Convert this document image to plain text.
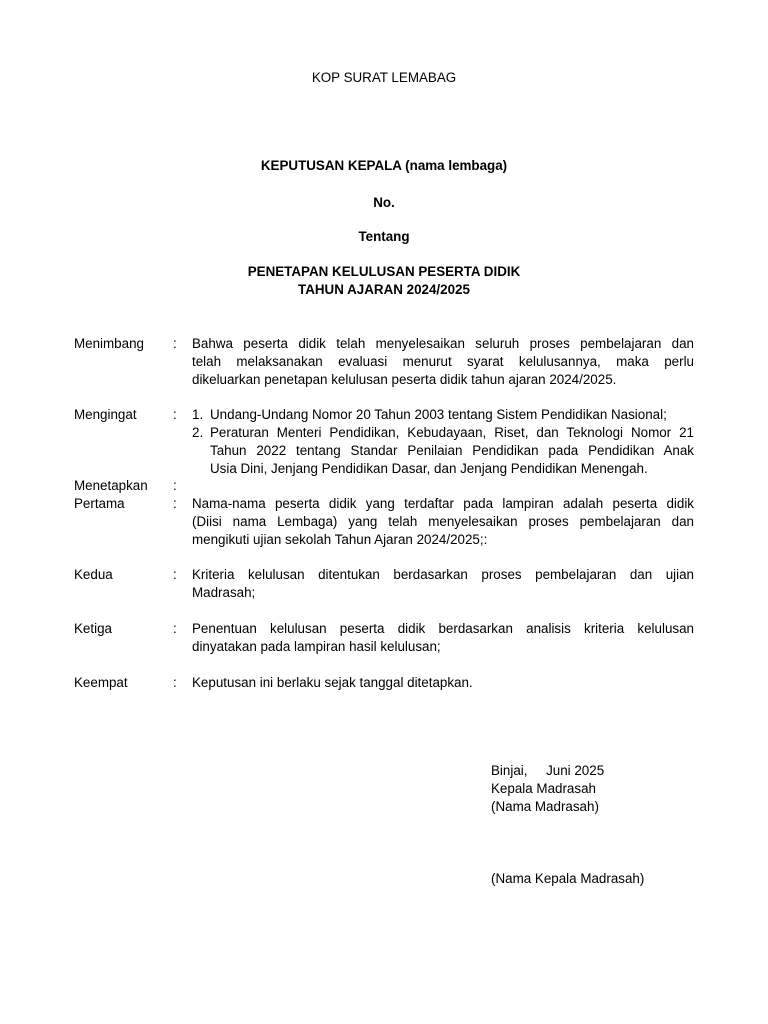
KOP SURAT LEMABAG
KEPUTUSAN KEPALA (nama lembaga)
No.
Tentang
PENETAPAN KELULUSAN PESERTA DIDIK
TAHUN AJARAN 2024/2025
Menimbang : Bahwa peserta didik telah menyelesaikan seluruh proses pembelajaran dan
telah melaksanakan evaluasi menurut syarat kelulusannya, maka perlu
dikeluarkan penetapan kelulusan peserta didik tahun ajaran 2024/2025.
Mengingat	: 1. Undang-Undang Nomor 20 Tahun 2003 tentang Sistem Pendidikan Nasional;
2. Peraturan Menteri Pendidikan, Kebudayaan, Riset, dan Teknologi Nomor 21
Tahun 2022 tentang Standar Penilaian Pendidikan pada Pendidikan Anak
Usia Dini, Jenjang Pendidikan Dasar, dan Jenjang Pendidikan Menengah.
Menetapkan :
Pertama	: Nama-nama peserta didik yang terdaftar pada lampiran adalah peserta didik
(Diisi nama Lembaga) yang telah menyelesaikan proses pembelajaran dan
mengikuti ujian sekolah Tahun Ajaran 2024/2025;:
Kedua	: Kriteria kelulusan ditentukan berdasarkan proses pembelajaran dan ujian
Madrasah;
Ketiga	: Penentuan kelulusan peserta didik berdasarkan analisis kriteria kelulusan
dinyatakan pada lampiran hasil kelulusan;
Keempat	: Keputusan ini berlaku sejak tanggal ditetapkan.
Binjai,     Juni 2025
Kepala Madrasah
(Nama Madrasah)
(Nama Kepala Madrasah)
